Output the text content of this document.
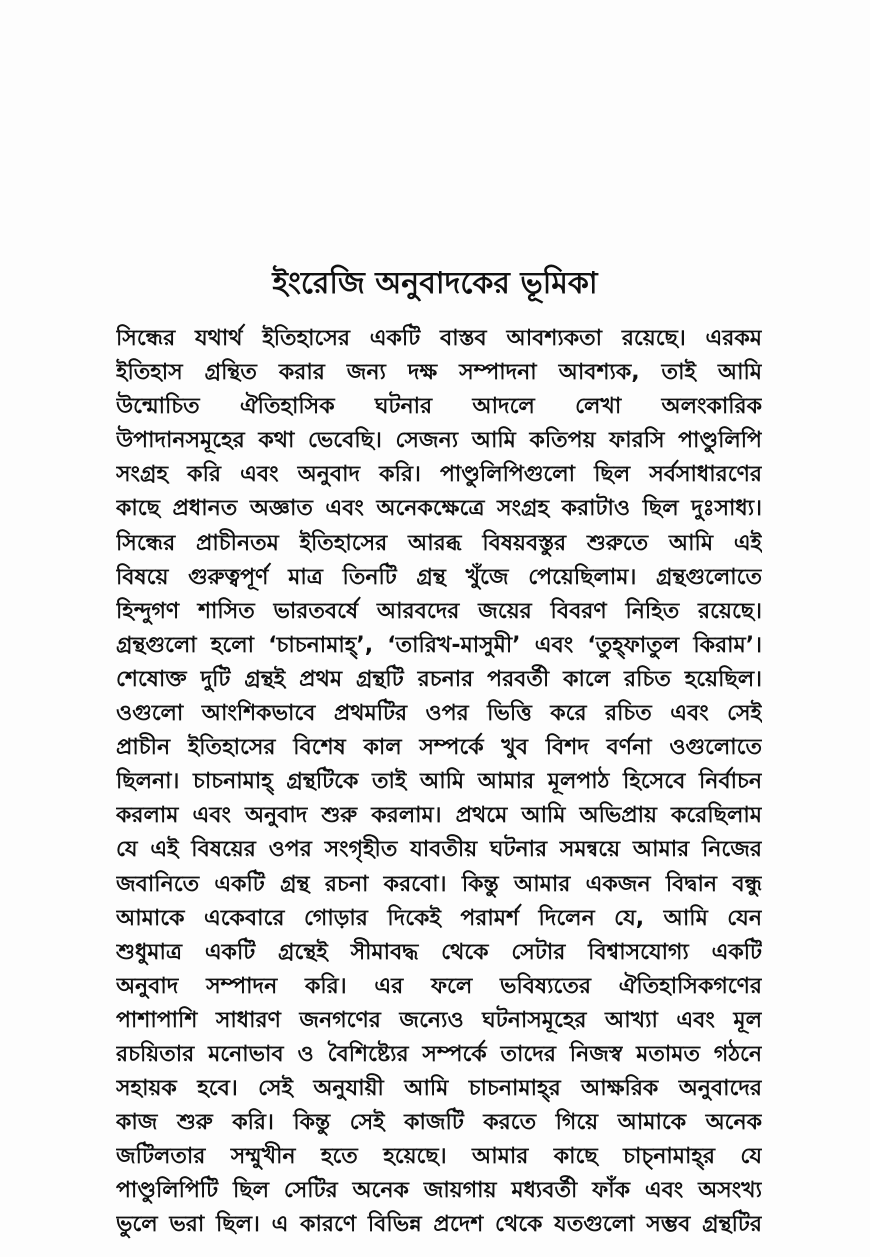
ইংরেজি অনুবাদকের ভূমিকা
সিন্ধের যথার্থ ইতিহাসের একটি বাস্তব আবশ্যকতা রয়েছে। এরকম
ইতিহাস গ্রন্থিত করার জন্য দক্ষ সম্পাদনা আবশ্যক, তাই আমি
উন্মোচিত ঐতিহাসিক ঘটনার আদলে লেখা অলংকারিক
উপাদানসমূহের কথা ভেবেছি। সেজন্য আমি কতিপয় ফারসি পাণ্ডুলিপি
সংগ্রহ করি এবং অনুবাদ করি। পাণ্ডুলিপিগুলো ছিল সর্বসাধারণের
কাছে প্রধানত অজ্ঞাত এবং অনেকক্ষেত্রে সংগ্রহ করাটাও ছিল দুঃসাধ্য।
সিন্ধের প্রাচীনতম ইতিহাসের আরব্ধ বিষয়বস্তুর শুরুতে আমি এই
বিষয়ে গুরুত্বপূর্ণ মাত্র তিনটি গ্রন্থ খুঁজে পেয়েছিলাম। গ্রন্থগুলোতে
হিন্দুগণ শাসিত ভারতবর্ষে আরবদের জয়ের বিবরণ নিহিত রয়েছে।
গ্রন্থগুলো হলো ‘চাচনামাহ্’, ‘তারিখ-মাসুমী’ এবং ‘তুহ্‌ফাতুল কিরাম’।
শেষোক্ত দুটি গ্রন্থই প্রথম গ্রন্থটি রচনার পরবর্তী কালে রচিত হয়েছিল।
ওগুলো আংশিকভাবে প্রথমটির ওপর ভিত্তি করে রচিত এবং সেই
প্রাচীন ইতিহাসের বিশেষ কাল সম্পর্কে খুব বিশদ বর্ণনা ওগুলোতে
ছিলনা। চাচনামাহ্ গ্রন্থটিকে তাই আমি আমার মূলপাঠ হিসেবে নির্বাচন
করলাম এবং অনুবাদ শুরু করলাম। প্রথমে আমি অভিপ্রায় করেছিলাম
যে এই বিষয়ের ওপর সংগৃহীত যাবতীয় ঘটনার সমন্বয়ে আমার নিজের
জবানিতে একটি গ্রন্থ রচনা করবো। কিন্তু আমার একজন বিদ্বান বন্ধু
আমাকে একেবারে গোড়ার দিকেই পরামর্শ দিলেন যে, আমি যেন
শুধুমাত্র একটি গ্রন্থেই সীমাবদ্ধ থেকে সেটার বিশ্বাসযোগ্য একটি
অনুবাদ সম্পাদন করি। এর ফলে ভবিষ্যতের ঐতিহাসিকগণের
পাশাপাশি সাধারণ জনগণের জন্যেও ঘটনাসমূহের আখ্যা এবং মূল
রচয়িতার মনোভাব ও বৈশিষ্ট্যের সম্পর্কে তাদের নিজস্ব মতামত গঠনে
সহায়ক হবে। সেই অনুযায়ী আমি চাচনামাহ্‌র আক্ষরিক অনুবাদের
কাজ শুরু করি। কিন্তু সেই কাজটি করতে গিয়ে আমাকে অনেক
জটিলতার সম্মুখীন হতে হয়েছে। আমার কাছে চাচ্‌নামাহ্‌র যে
পাণ্ডুলিপিটি ছিল সেটির অনেক জায়গায় মধ্যবর্তী ফাঁক এবং অসংখ্য
ভুলে ভরা ছিল। এ কারণে বিভিন্ন প্রদেশ থেকে যতগুলো সম্ভব গ্রন্থটির
